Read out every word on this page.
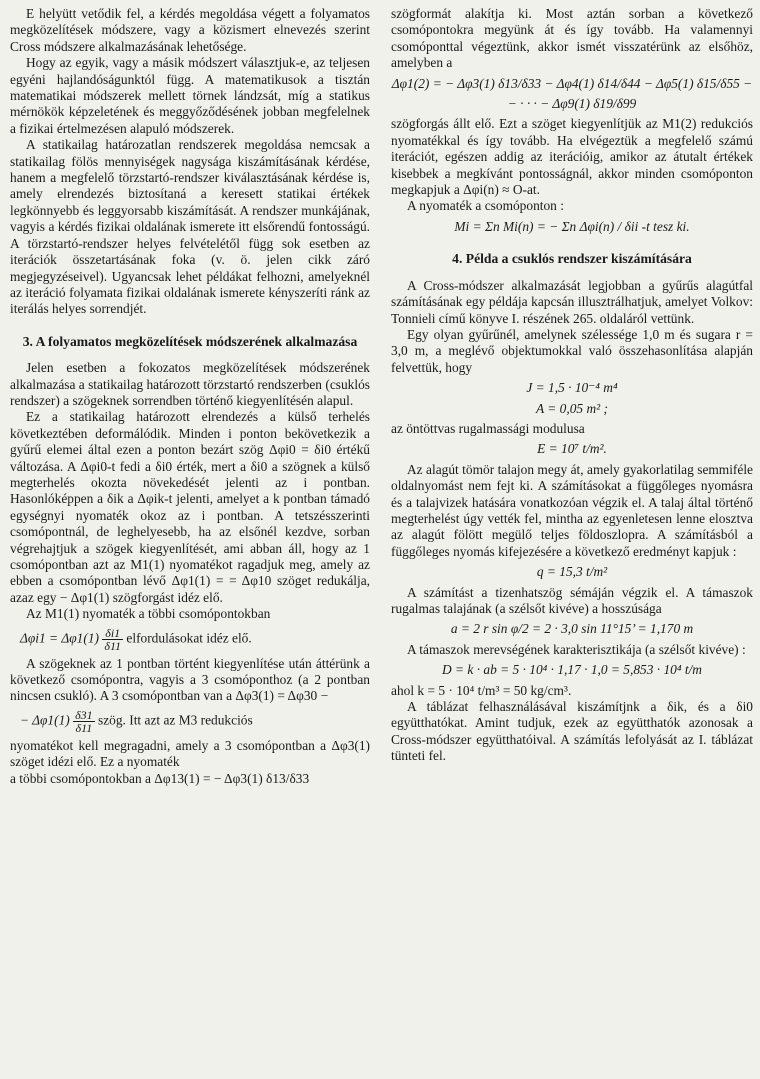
E helyütt vetődik fel, a kérdés megoldása végett a folyamatos megközelítések módszere, vagy a közismert elnevezés szerint Cross módszere alkalmazásának lehetősége.

Hogy az egyik, vagy a másik módszert választjuk-e, az teljesen egyéni hajlandóságunktól függ. A matematikusok a tisztán matematikai módszerek mellett törnek lándzsát, míg a statikus mérnökök képzeletének és meggyőződésének jobban megfelelnek a fizikai értelmezésen alapuló módszerek.

A statikailag határozatlan rendszerek megoldása nemcsak a statikailag fölös mennyiségek nagysága kiszámításának kérdése, hanem a megfelelő törzstartó-rendszer kiválasztásának kérdése is, amely elrendezés biztosítaná a keresett statikai értékek legkönnyebb és leggyorsabb kiszámítását. A rendszer munkájának, vagyis a kérdés fizikai oldalának ismerete itt elsőrendű fontosságú. A törzstartó-rendszer helyes felvételétől függ sok esetben az iterációk összetartásának foka (v. ö. jelen cikk záró megjegyzéseivel). Ugyancsak lehet példákat felhozni, amelyeknél az iteráció folyamata fizikai oldalának ismerete kényszeríti ránk az iterálás helyes sorrendjét.

3. A folyamatos megközelítések módszerének alkalmazása

Jelen esetben a fokozatos megközelítések módszerének alkalmazása a statikailag határozott törzstartó rendszerben (csuklós rendszer) a szögeknek sorrendben történő kiegyenlítésén alapul.

Ez a statikailag határozott elrendezés a külső terhelés következtében deformálódik. Minden i ponton bekövetkezik a gyűrű elemei által ezen a ponton bezárt szög Δφi0 = δi0 értékű változása. A Δφi0-t fedi a δi0 érték, mert a δi0 a szögnek a külső megterhelés okozta növekedését jelenti az i pontban. Hasonlóképpen a δik a Δφik-t jelenti, amelyet a k pontban támadó egységnyi nyomaték okoz az i pontban. A tetszésszerinti csomópontnál, de leghelyesebb, ha az elsőnél kezdve, sorban végrehajtjuk a szögek kiegyenlítését, ami abban áll, hogy az 1 csomópontban azt az M1(1) nyomatékot ragadjuk meg, amely az ebben a csomópontban lévő Δφ1(1) = = Δφ10 szöget redukálja, azaz egy − Δφ1(1) szögforgást idéz elő.

Az M1(1) nyomaték a többi csomópontokban

$\Delta\varphi i1 = \Delta\varphi 1(1) \frac{\delta i1}{\delta 11}$ elfordulásokat idéz elő.

A szögeknek az 1 pontban történt kiegyenlítése után áttérünk a következő csomópontra, vagyis a 3 csomóponthoz (a 2 pontban nincsen csukló). A 3 csomópontban van a Δφ3(1) = Δφ30 −

− $\Delta\varphi 1(1) \frac{\delta 31}{\delta 11}$ szög. Itt azt az M3 redukciós

nyomatékot kell megragadni, amely a 3 csomópontban a Δφ3(1) szöget idézi elő. Ez a nyomaték

a többi csomópontokban a Δφ13(1) = − Δφ3(1) δ13/δ33

szögformát alakítja ki. Most aztán sorban a következő csomópontokra megyünk át és így tovább. Ha valamennyi csomóponttal végeztünk, akkor ismét visszatérünk az elsőhöz, amelyben a

Δφ1(2) = − Δφ3(1) δ13/δ33 − Δφ4(1) δ14/δ44 − Δφ5(1) δ15/δ55 −
− · · · − Δφ9(1) δ19/δ99

szögforgás állt elő. Ezt a szöget kiegyenlítjük az M1(2) redukciós nyomatékkal és így tovább. Ha elvégeztük a megfelelő számú iterációt, egészen addig az iterációig, amikor az átutalt értékek kisebbek a megkívánt pontosságnál, akkor minden csomóponton megkapjuk a Δφi(n) ≈ O-at.

A nyomaték a csomóponton :

Mi = Σn Mi(n) = − Σn Δφi(n) / δii -t tesz ki.
4. Példa a csuklós rendszer kiszámítására

A Cross-módszer alkalmazását legjobban a gyűrűs alagútfal számításának egy példája kapcsán illusztrálhatjuk, amelyet Volkov: Tonnieli című könyve I. részének 265. oldaláról vettünk.

Egy olyan gyűrűnél, amelynek szélessége 1,0 m és sugara r = 3,0 m, a meglévő objektumokkal való összehasonlítása alapján felvettük, hogy

J = 1,5 · 10⁻⁴ m⁴
A = 0,05 m² ;

az öntöttvas rugalmassági modulusa

E = 10⁷ t/m².

Az alagút tömör talajon megy át, amely gyakorlatilag semmiféle oldalnyomást nem fejt ki. A számításokat a függőleges nyomásra és a talajvizek hatására vonatkozóan végzik el. A talaj által történő megterhelést úgy vették fel, mintha az egyenletesen lenne elosztva az alagút fölött megülő teljes földoszlopra. A számításból a függőleges nyomás kifejezésére a következő eredményt kapjuk :

q = 15,3 t/m²

A számítást a tizenhatszög sémáján végzik el. A támaszok rugalmas talajának (a szélsőt kivéve) a hosszúsága

a = 2 r sin φ/2 = 2 · 3,0 sin 11°15’ = 1,170 m

A támaszok merevségének karakterisztikája (a szélsőt kivéve) :

D = k · ab = 5 · 10⁴ · 1,17 · 1,0 = 5,853 · 10⁴ t/m

ahol k = 5 · 10⁴ t/m³ = 50 kg/cm³.

A táblázat felhasználásával kiszámítjnk a δik, és a δi0 együtthatókat. Amint tudjuk, ezek az együtthatók azonosak a Cross-módszer együtthatóival. A számítás lefolyását az I. táblázat tünteti fel.
